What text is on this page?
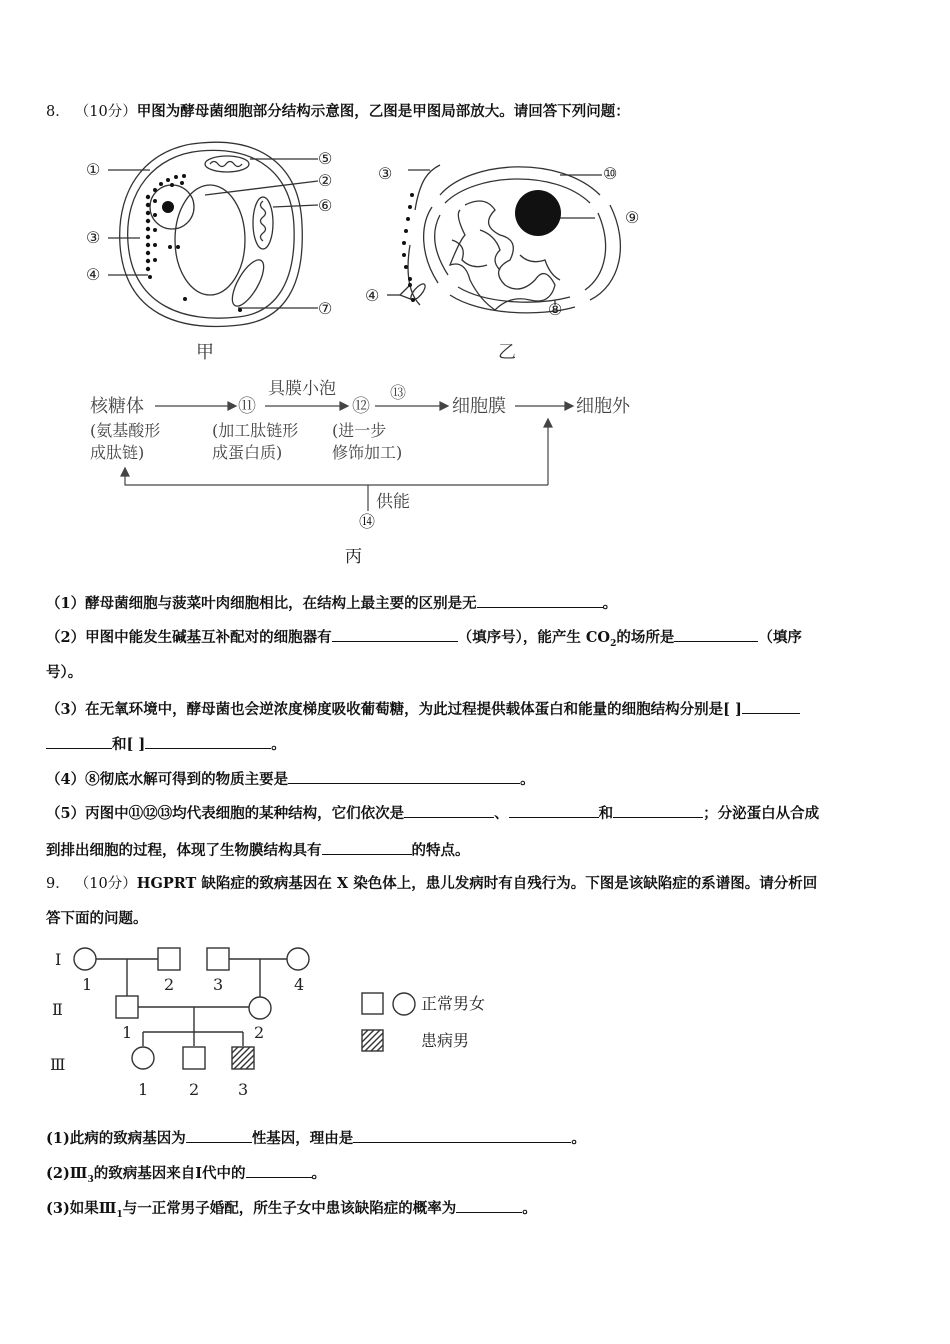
8． （10分）甲图为酵母菌细胞部分结构示意图，乙图是甲图局部放大。请回答下列问题：
①
⑤
②
⑥
③
④
⑦
③	⑩
⑨
④
⑧
甲	乙
核糖体
(氨基酸形
成肽链)
⑪
(加工肽链形
成蛋白质)
具膜小泡
⑫
⑬
(进一步
修饰加工)
细胞膜	细胞外
供能
⑭
丙
（1）酵母菌细胞与菠菜叶肉细胞相比，在结构上最主要的区别是无	。
（2）甲图中能发生碱基互补配对的细胞器有	（填序号），能产生 $CO_2$的场所是	（填序
号）。
（3）在无氧环境中，酵母菌也会逆浓度梯度吸收葡萄糖，为此过程提供载体蛋白和能量的细胞结构分别是[ ]
和[ ]	。
（4）⑧彻底水解可得到的物质主要是	。
（5）丙图中⑪⑫⑬均代表细胞的某种结构，它们依次是	、	和	；分泌蛋白从合成
到排出细胞的过程，体现了生物膜结构具有	的特点。
9． （10分）HGPRT 缺陷症的致病基因在 X 染色体上，患儿发病时有自残行为。下图是该缺陷症的系谱图。请分析回
答下面的问题。
Ⅰ
Ⅱ
Ⅲ
1	2 3	4
1	2
1	2 3
正常男女
患病男
(1)此病的致病基因为	性基因，理由是	。
$(2)Ⅲ_3$的致病基因来自Ⅰ代中的	。
(3)如果$Ⅲ_1$与一正常男子婚配，所生子女中患该缺陷症的概率为	。
